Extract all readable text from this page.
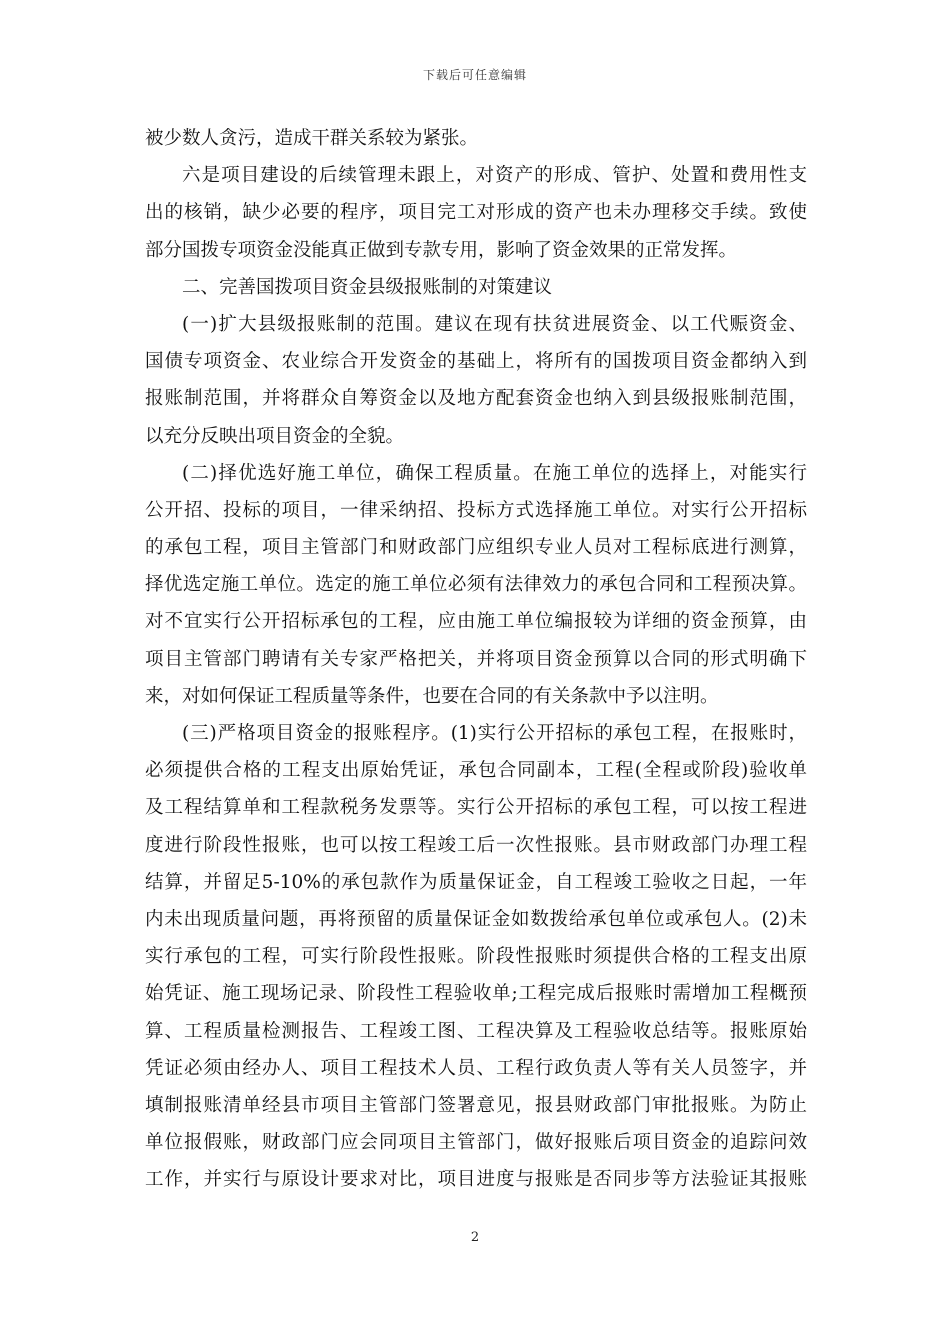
下载后可任意编辑
被少数人贪污，造成干群关系较为紧张。
六是项目建设的后续管理未跟上，对资产的形成、管护、处置和费用性支
出的核销，缺少必要的程序，项目完工对形成的资产也未办理移交手续。致使
部分国拨专项资金没能真正做到专款专用，影响了资金效果的正常发挥。
二、完善国拨项目资金县级报账制的对策建议
(一)扩大县级报账制的范围。建议在现有扶贫进展资金、以工代赈资金、
国债专项资金、农业综合开发资金的基础上，将所有的国拨项目资金都纳入到
报账制范围，并将群众自筹资金以及地方配套资金也纳入到县级报账制范围，
以充分反映出项目资金的全貌。
(二)择优选好施工单位，确保工程质量。在施工单位的选择上，对能实行
公开招、投标的项目，一律采纳招、投标方式选择施工单位。对实行公开招标
的承包工程，项目主管部门和财政部门应组织专业人员对工程标底进行测算，
择优选定施工单位。选定的施工单位必须有法律效力的承包合同和工程预决算。
对不宜实行公开招标承包的工程，应由施工单位编报较为详细的资金预算，由
项目主管部门聘请有关专家严格把关，并将项目资金预算以合同的形式明确下
来，对如何保证工程质量等条件，也要在合同的有关条款中予以注明。
(三)严格项目资金的报账程序。(1)实行公开招标的承包工程，在报账时，
必须提供合格的工程支出原始凭证，承包合同副本，工程(全程或阶段)验收单
及工程结算单和工程款税务发票等。实行公开招标的承包工程，可以按工程进
度进行阶段性报账，也可以按工程竣工后一次性报账。县市财政部门办理工程
结算，并留足5-10%的承包款作为质量保证金，自工程竣工验收之日起，一年
内未出现质量问题，再将预留的质量保证金如数拨给承包单位或承包人。(2)未
实行承包的工程，可实行阶段性报账。阶段性报账时须提供合格的工程支出原
始凭证、施工现场记录、阶段性工程验收单;工程完成后报账时需增加工程概预
算、工程质量检测报告、工程竣工图、工程决算及工程验收总结等。报账原始
凭证必须由经办人、项目工程技术人员、工程行政负责人等有关人员签字，并
填制报账清单经县市项目主管部门签署意见，报县财政部门审批报账。为防止
单位报假账，财政部门应会同项目主管部门，做好报账后项目资金的追踪问效
工作，并实行与原设计要求对比，项目进度与报账是否同步等方法验证其报账
2
